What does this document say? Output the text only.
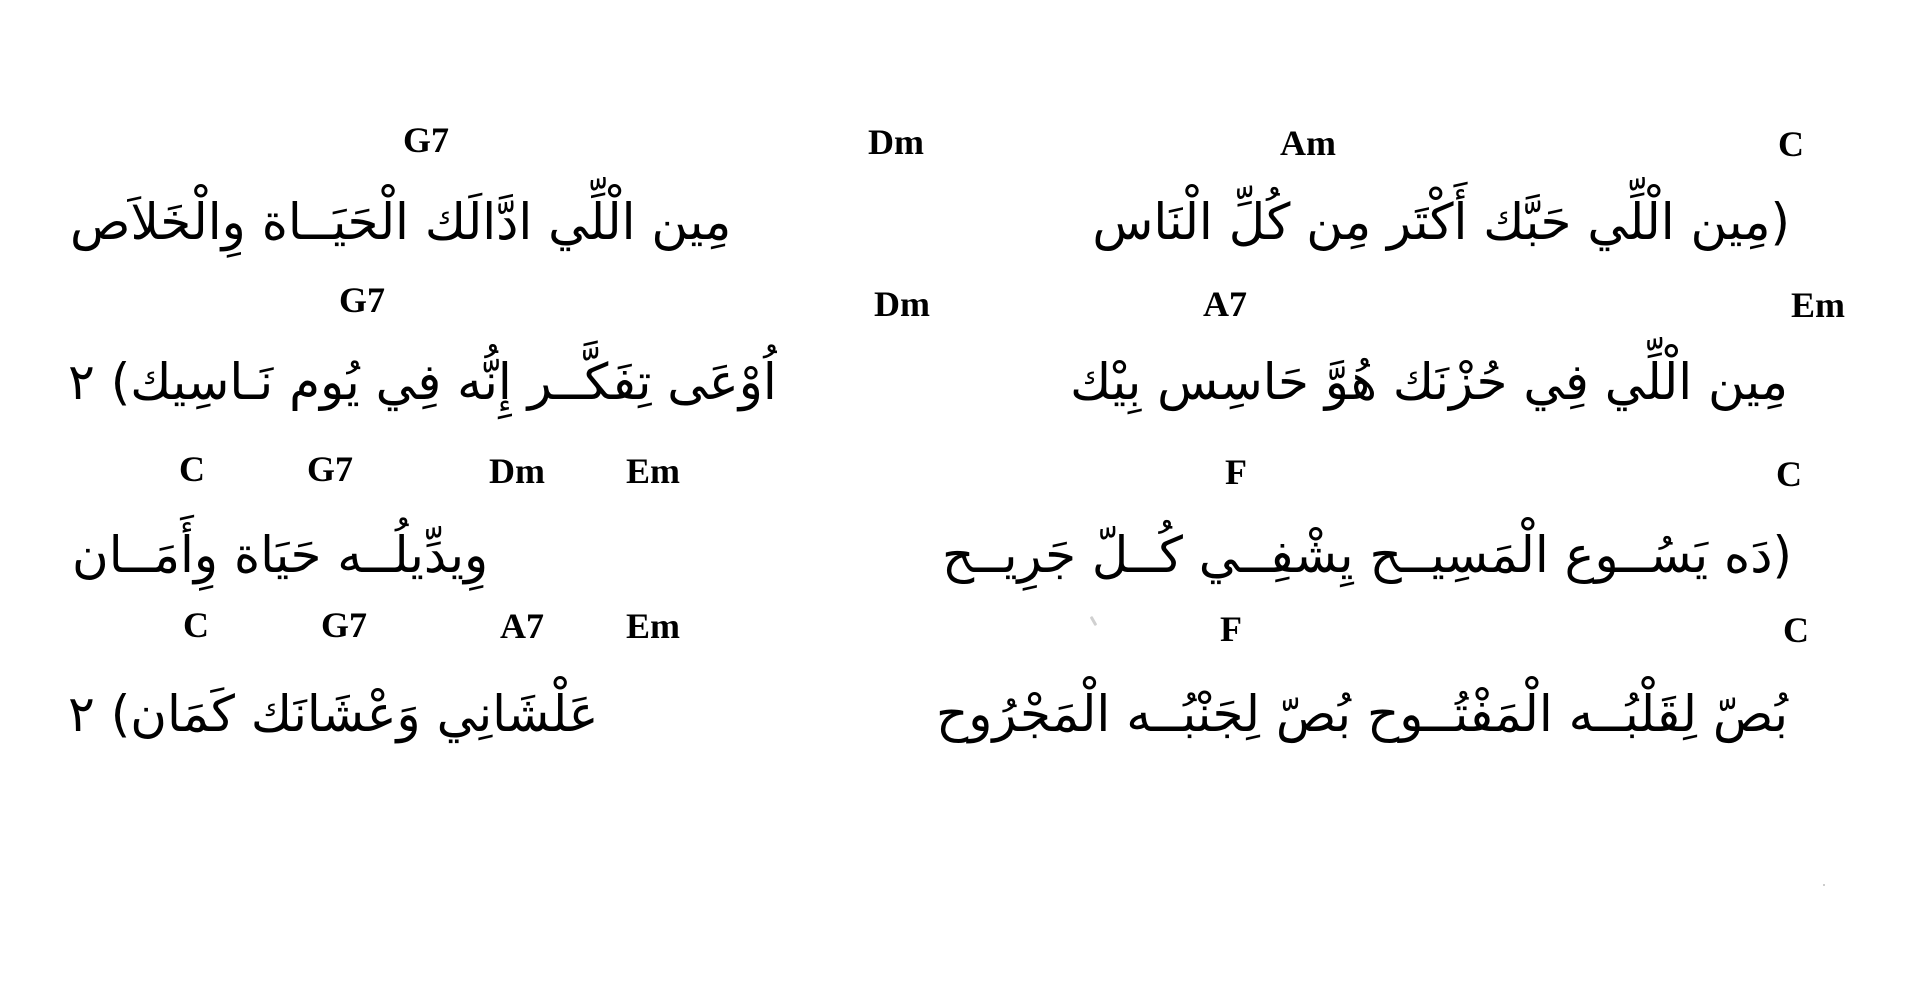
G7	Dm	Am	C
(مِين الْلِّي حَبَّك أَكْتَر مِن كُلِّ الْنَاس
مِين الْلِّي ادَّالَك الْحَيَــاة وِالْخَلاَص
G7	Dm	A7	Em
مِين الْلِّي فِي حُزْنَك هُوَّ حَاسِس بِيْك
اُوْعَى تِفَكَّــر إِنُّه فِي يُوم نَـاسِيك) ٢
C	G7	Dm Em	F	C
(دَه يَسُــوع الْمَسِيــح يِشْفِــي كُــلّ جَرِيــح
وِيدِّيلُــه حَيَاة وِأَمَــان
C	G7	A7 Em	F	C
بُصّ لِقَلْبُــه الْمَفْتُــوح بُصّ لِجَنْبُــه الْمَجْرُوح
عَلْشَانِي وَعْشَانَك كَمَان) ٢
